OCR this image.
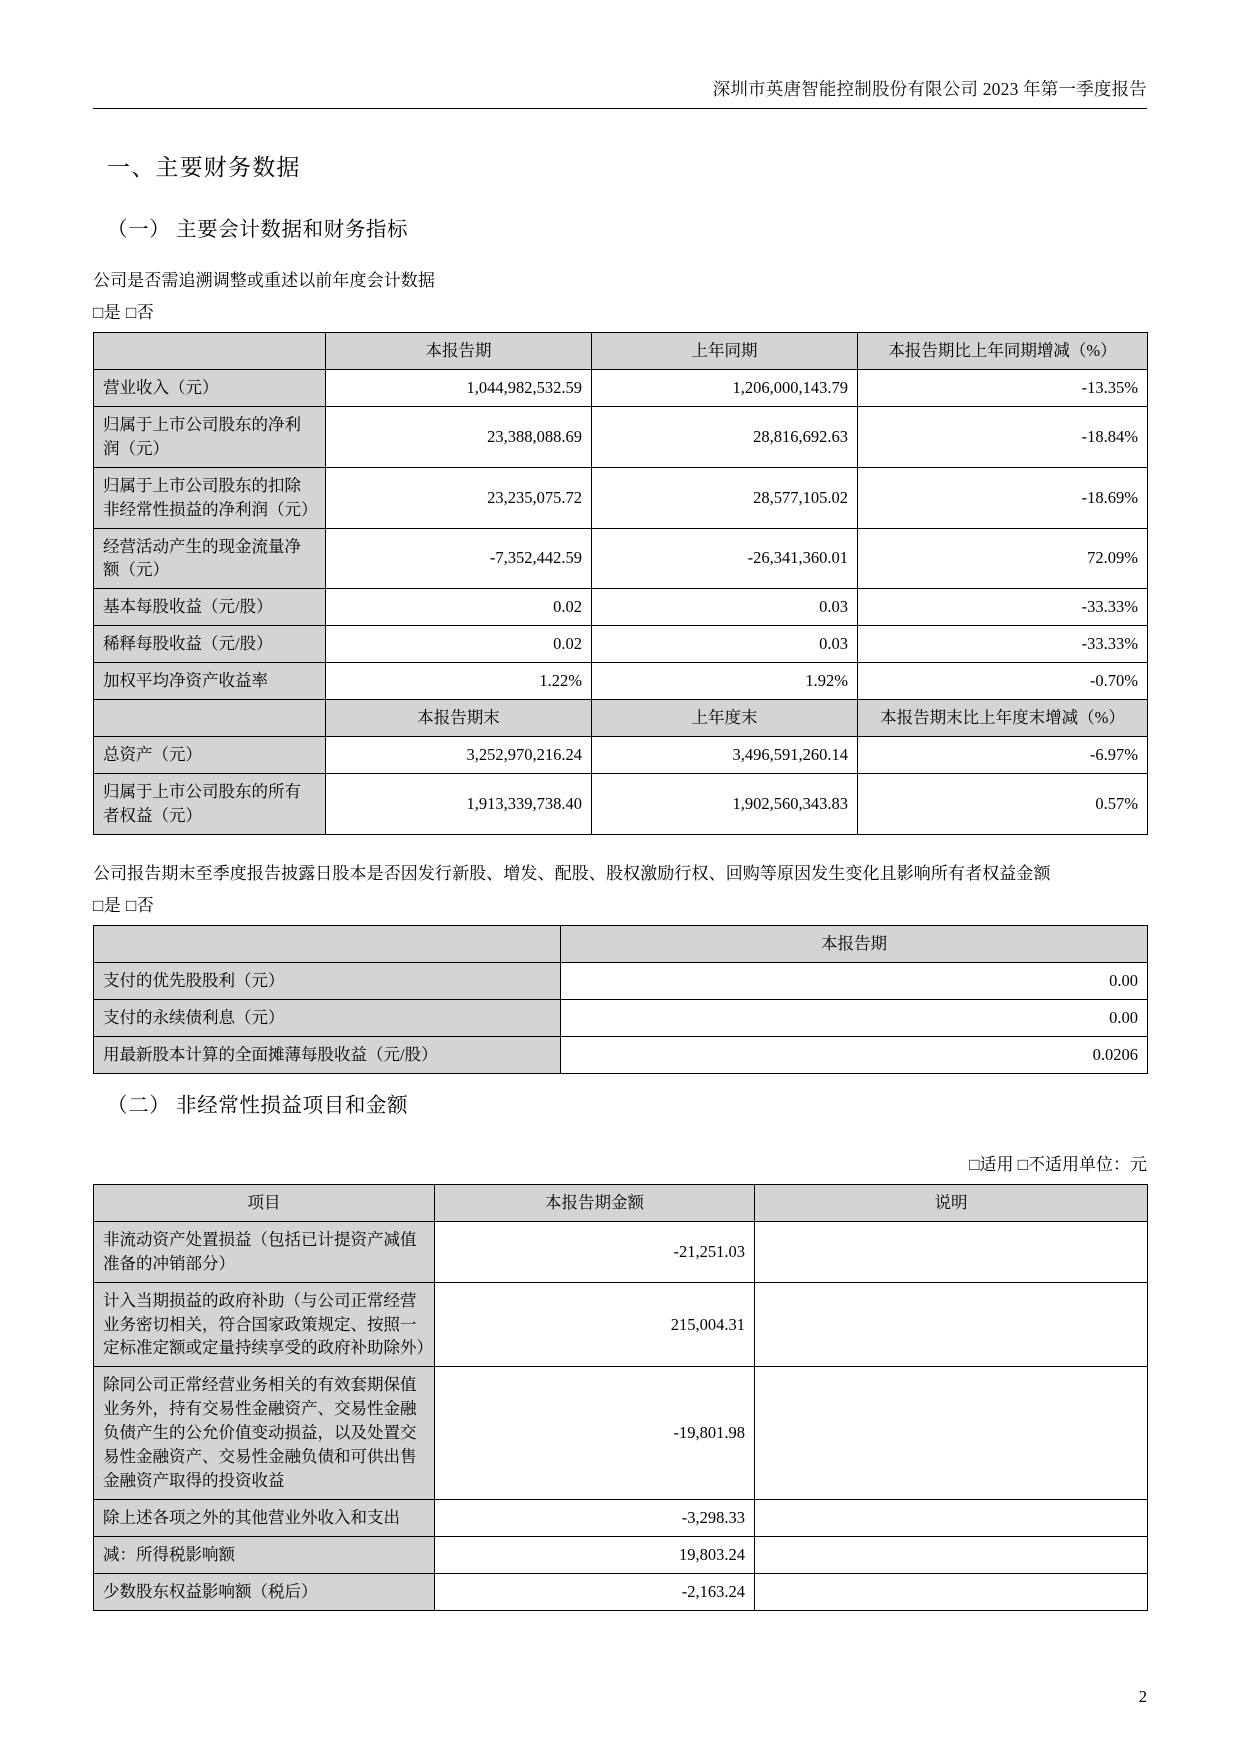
深圳市英唐智能控制股份有限公司 2023 年第一季度报告
一、主要财务数据
（一） 主要会计数据和财务指标

公司是否需追溯调整或重述以前年度会计数据

□是 □否

	本报告期	上年同期	本报告期比上年同期增减（%）
营业收入（元）	1,044,982,532.59	1,206,000,143.79	-13.35%
归属于上市公司股东的净利润（元）	23,388,088.69	28,816,692.63	-18.84%
归属于上市公司股东的扣除非经常性损益的净利润（元）	23,235,075.72	28,577,105.02	-18.69%
经营活动产生的现金流量净额（元）	-7,352,442.59	-26,341,360.01	72.09%
基本每股收益（元/股）	0.02	0.03	-33.33%
稀释每股收益（元/股）	0.02	0.03	-33.33%
加权平均净资产收益率	1.22%	1.92%	-0.70%
	本报告期末	上年度末	本报告期末比上年度末增减（%）
总资产（元）	3,252,970,216.24	3,496,591,260.14	-6.97%
归属于上市公司股东的所有者权益（元）	1,913,339,738.40	1,902,560,343.83	0.57%

公司报告期末至季度报告披露日股本是否因发行新股、增发、配股、股权激励行权、回购等原因发生变化且影响所有者权益金额

□是 □否

	本报告期
支付的优先股股利（元）	0.00
支付的永续债利息（元）	0.00
用最新股本计算的全面摊薄每股收益（元/股）	0.0206
（二） 非经常性损益项目和金额
□适用 □不适用单位：元
项目	本报告期金额	说明
非流动资产处置损益（包括已计提资产减值准备的冲销部分）	-21,251.03	
计入当期损益的政府补助（与公司正常经营业务密切相关，符合国家政策规定、按照一定标准定额或定量持续享受的政府补助除外）	215,004.31	
除同公司正常经营业务相关的有效套期保值业务外，持有交易性金融资产、交易性金融负债产生的公允价值变动损益，以及处置交易性金融资产、交易性金融负债和可供出售金融资产取得的投资收益	-19,801.98	
除上述各项之外的其他营业外收入和支出	-3,298.33	
减：所得税影响额	19,803.24	
少数股东权益影响额（税后）	-2,163.24	
2
